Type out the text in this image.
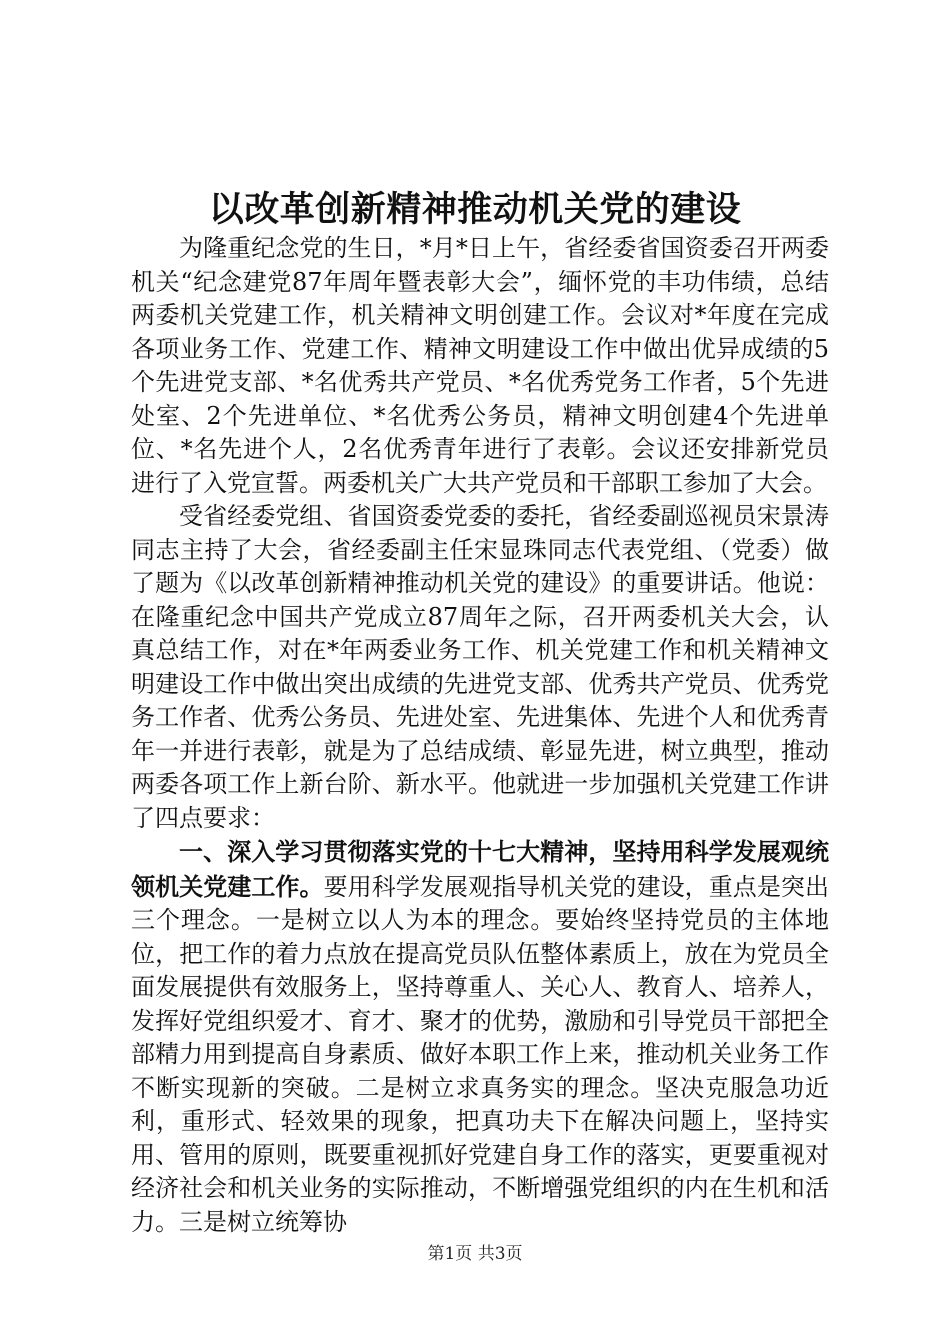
以改革创新精神推动机关党的建设

为隆重纪念党的生日，*月*日上午，省经委省国资委召开两委机关“纪念建党87年周年暨表彰大会”，缅怀党的丰功伟绩，总结两委机关党建工作，机关精神文明创建工作。会议对*年度在完成各项业务工作、党建工作、精神文明建设工作中做出优异成绩的5个先进党支部、*名优秀共产党员、*名优秀党务工作者，5个先进处室、2个先进单位、*名优秀公务员，精神文明创建4个先进单位、*名先进个人，2名优秀青年进行了表彰。会议还安排新党员进行了入党宣誓。两委机关广大共产党员和干部职工参加了大会。

受省经委党组、省国资委党委的委托，省经委副巡视员宋景涛同志主持了大会，省经委副主任宋显珠同志代表党组、（党委）做了题为《以改革创新精神推动机关党的建设》的重要讲话。他说：在隆重纪念中国共产党成立87周年之际，召开两委机关大会，认真总结工作，对在*年两委业务工作、机关党建工作和机关精神文明建设工作中做出突出成绩的先进党支部、优秀共产党员、优秀党务工作者、优秀公务员、先进处室、先进集体、先进个人和优秀青年一并进行表彰，就是为了总结成绩、彰显先进，树立典型，推动两委各项工作上新台阶、新水平。他就进一步加强机关党建工作讲了四点要求：

一、深入学习贯彻落实党的十七大精神，坚持用科学发展观统领机关党建工作。要用科学发展观指导机关党的建设，重点是突出三个理念。一是树立以人为本的理念。要始终坚持党员的主体地位，把工作的着力点放在提高党员队伍整体素质上，放在为党员全面发展提供有效服务上，坚持尊重人、关心人、教育人、培养人，发挥好党组织爱才、育才、聚才的优势，激励和引导党员干部把全部精力用到提高自身素质、做好本职工作上来，推动机关业务工作不断实现新的突破。二是树立求真务实的理念。坚决克服急功近利，重形式、轻效果的现象，把真功夫下在解决问题上，坚持实用、管用的原则，既要重视抓好党建自身工作的落实，更要重视对经济社会和机关业务的实际推动，不断增强党组织的内在生机和活力。三是树立统筹协

第1页 共3页
